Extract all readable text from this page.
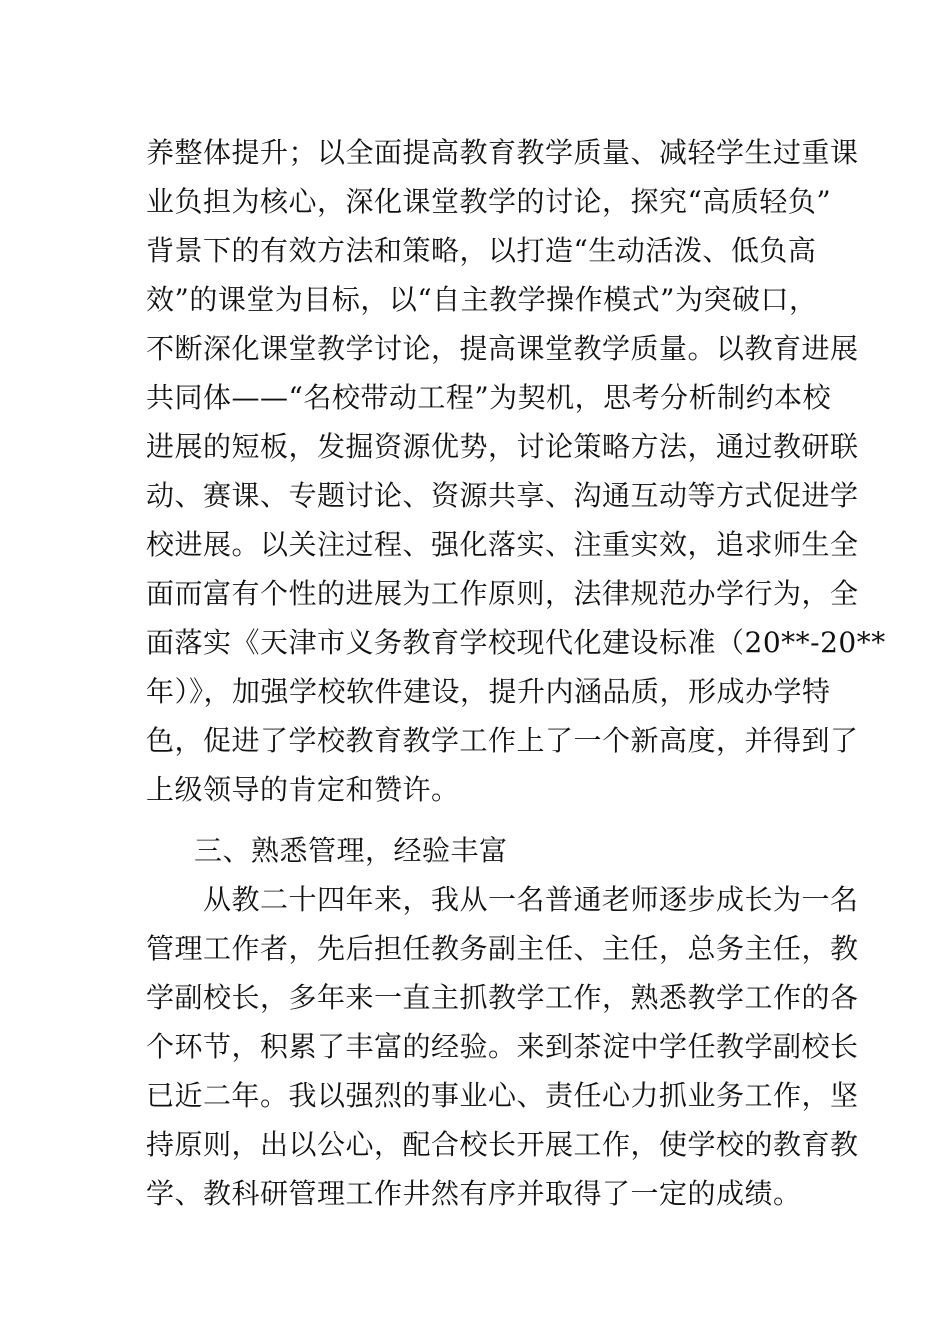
养整体提升；以全面提高教育教学质量、减轻学生过重课
业负担为核心，深化课堂教学的讨论，探究“高质轻负”
背景下的有效方法和策略，以打造“生动活泼、低负高
效”的课堂为目标，以“自主教学操作模式”为突破口，
不断深化课堂教学讨论，提高课堂教学质量。以教育进展
共同体——“名校带动工程”为契机，思考分析制约本校
进展的短板，发掘资源优势，讨论策略方法，通过教研联
动、赛课、专题讨论、资源共享、沟通互动等方式促进学
校进展。以关注过程、强化落实、注重实效，追求师生全
面而富有个性的进展为工作原则，法律规范办学行为，全
面落实《天津市义务教育学校现代化建设标准（20**-20**
年）》，加强学校软件建设，提升内涵品质，形成办学特
色，促进了学校教育教学工作上了一个新高度，并得到了
上级领导的肯定和赞许。
三、熟悉管理，经验丰富
　　从教二十四年来，我从一名普通老师逐步成长为一名
管理工作者，先后担任教务副主任、主任，总务主任，教
学副校长，多年来一直主抓教学工作，熟悉教学工作的各
个环节，积累了丰富的经验。来到茶淀中学任教学副校长
已近二年。我以强烈的事业心、责任心力抓业务工作，坚
持原则，出以公心，配合校长开展工作，使学校的教育教
学、教科研管理工作井然有序并取得了一定的成绩。
